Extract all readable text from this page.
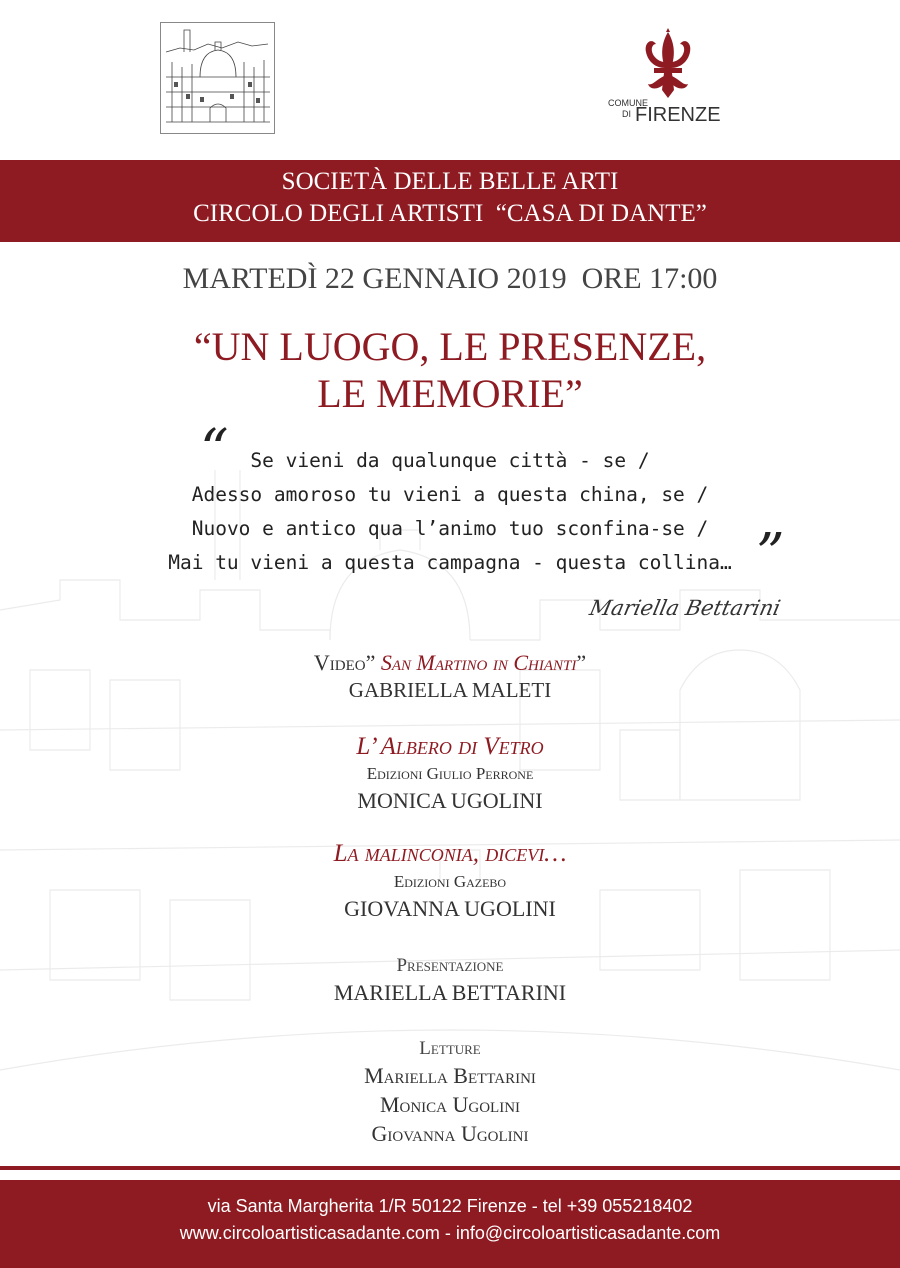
COMUNE
DI FIRENZE
SOCIETÀ DELLE BELLE ARTI
CIRCOLO DEGLI ARTISTI  “CASA DI DANTE”
MARTEDÌ 22 GENNAIO 2019 ORE 17:00
“UN LUOGO, LE PRESENZE,
LE MEMORIE”
“	Se vieni da qualunque città - se /
Adesso amoroso tu vieni a questa china, se /
Nuovo e antico qua l’animo tuo sconfina-se /
Mai tu vieni a questa campagna - questa collina… ”
Mariella Bettarini
Video” San Martino in Chianti”
GABRIELLA MALETI
L’ Albero di Vetro
Edizioni Giulio Perrone
MONICA UGOLINI
La malinconia, dicevi…
Edizioni Gazebo
GIOVANNA UGOLINI
Presentazione
MARIELLA BETTARINI
Letture
Mariella Bettarini
Monica Ugolini
Giovanna Ugolini
via Santa Margherita 1/R 50122 Firenze - tel +39 055218402
www.circoloartisticasadante.com - info@circoloartisticasadante.com
